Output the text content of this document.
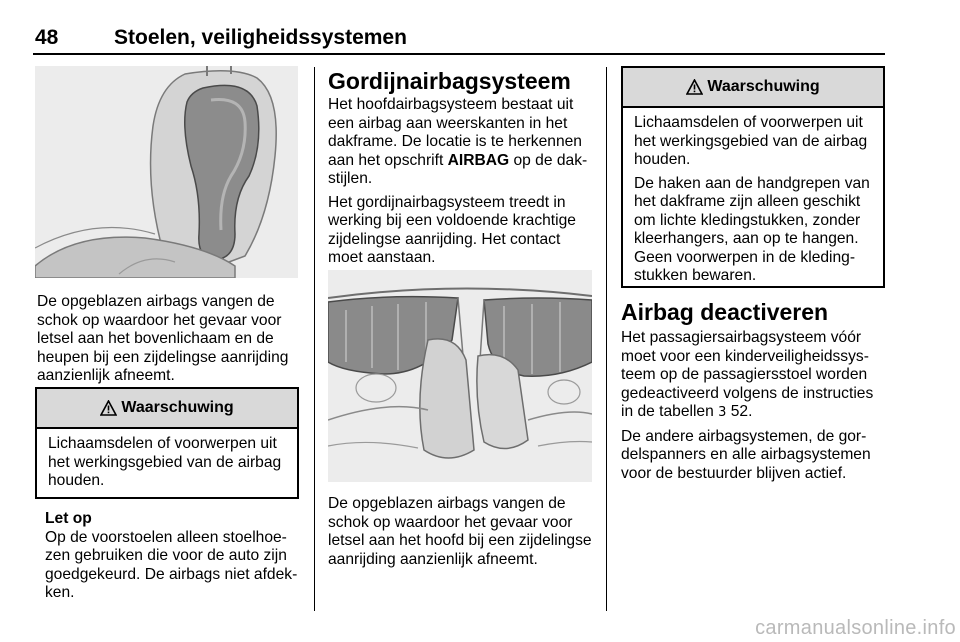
48	Stoelen, veiligheidssystemen

De opgeblazen airbags vangen de schok op waardoor het gevaar voor letsel aan het bovenlichaam en de heupen bij een zijdelingse aanrijding aanzienlijk afneemt.

Waarschuwing

Lichaamsdelen of voorwerpen uit het werkingsgebied van de airbag houden.

Let op
Op de voorstoelen alleen stoelhoe- zen gebruiken die voor de auto zijn goedgekeurd. De airbags niet afdek- ken.
Gordijnairbagsysteem

Het hoofdairbagsysteem bestaat uit een airbag aan weerskanten in het dakframe. De locatie is te herkennen aan het opschrift AIRBAG op de dak- stijlen.

Het gordijnairbagsysteem treedt in werking bij een voldoende krachtige zijdelingse aanrijding. Het contact moet aanstaan.

De opgeblazen airbags vangen de schok op waardoor het gevaar voor letsel aan het hoofd bij een zijdelingse aanrijding aanzienlijk afneemt.

Waarschuwing

Lichaamsdelen of voorwerpen uit het werkingsgebied van de airbag houden.

De haken aan de handgrepen van het dakframe zijn alleen geschikt om lichte kledingstukken, zonder kleerhangers, aan op te hangen. Geen voorwerpen in de kleding- stukken bewaren.

Airbag deactiveren

Het passagiersairbagsysteem vóór moet voor een kinderveiligheidssys- teem op de passagiersstoel worden gedeactiveerd volgens de instructies in de tabellen 3 52.

De andere airbagsystemen, de gor- delspanners en alle airbagsystemen voor de bestuurder blijven actief.

carmanualsonline.info
